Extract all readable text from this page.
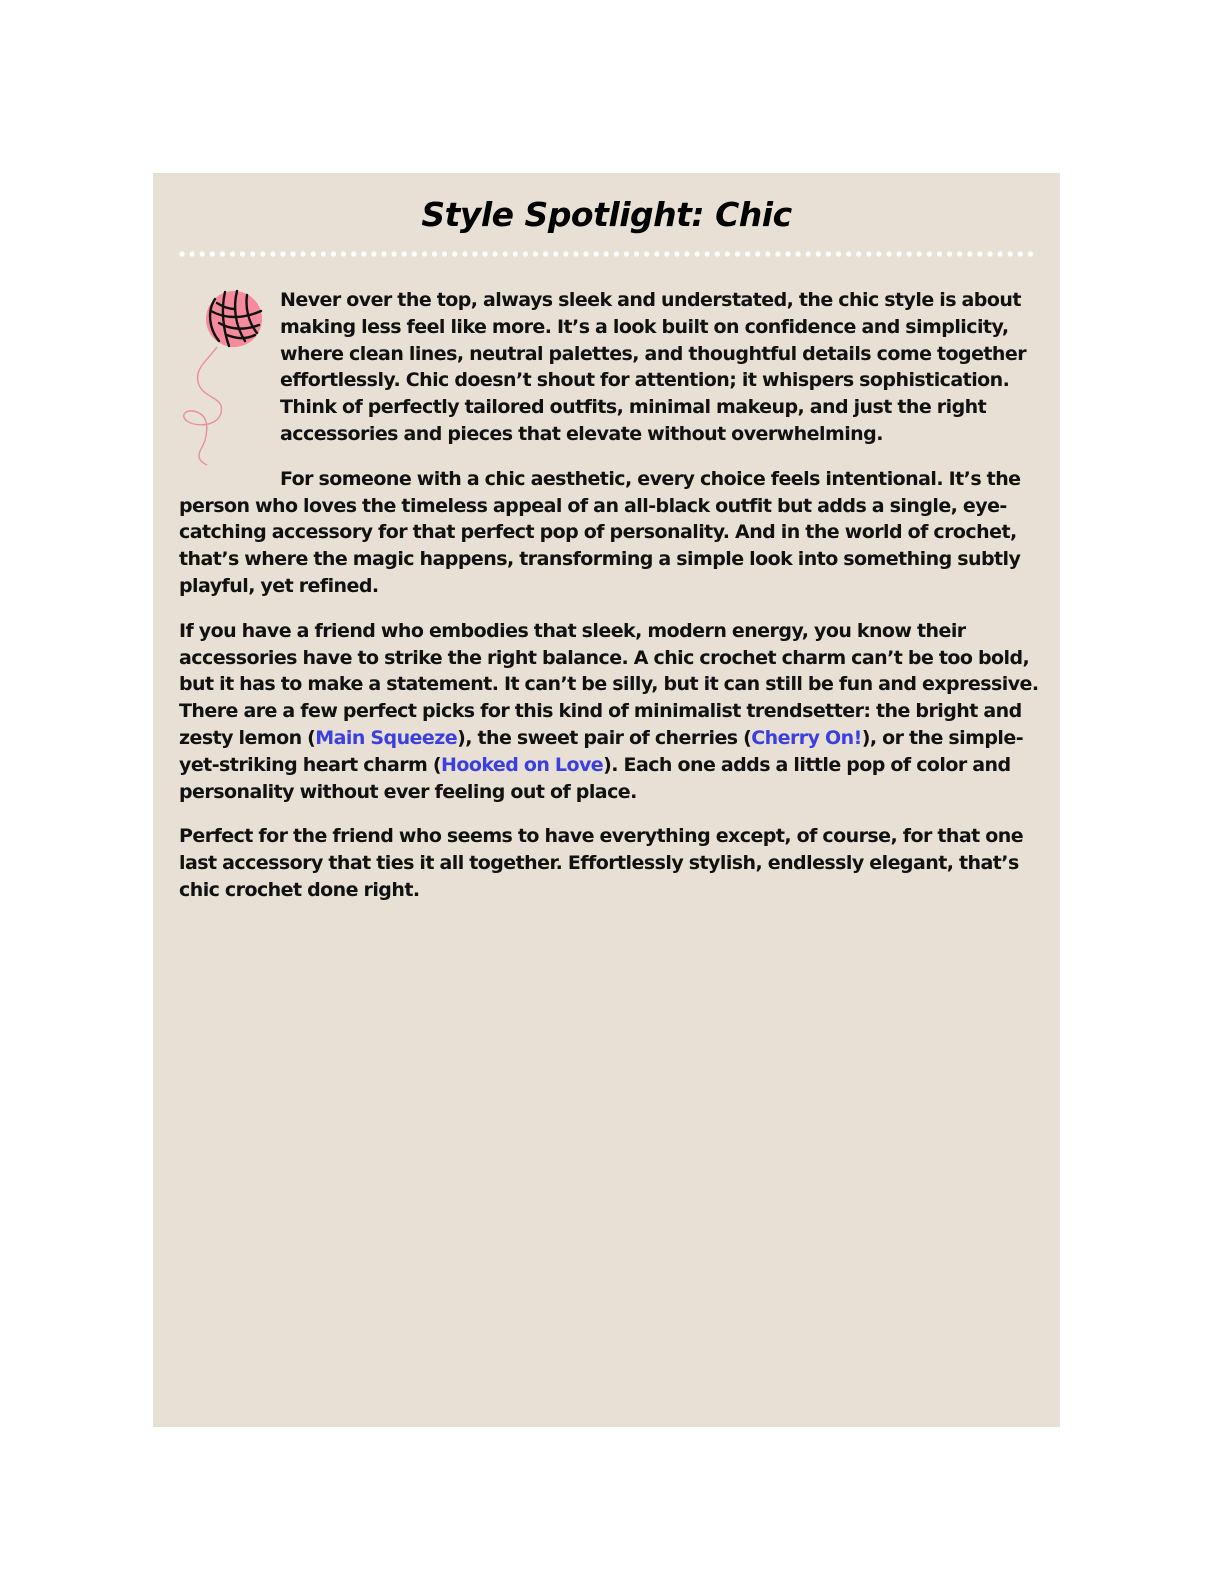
Style Spotlight: Chic

Never over the top, always sleek and understated, the chic style is about making less feel like more. It’s a look built on confidence and simplicity, where clean lines, neutral palettes, and thoughtful details come together effortlessly. Chic doesn’t shout for attention; it whispers sophistication. Think of perfectly tailored outfits, minimal makeup, and just the right accessories and pieces that elevate without overwhelming.

For someone with a chic aesthetic, every choice feels intentional. It’s the person who loves the timeless appeal of an all-black outfit but adds a single, eye-catching accessory for that perfect pop of personality. And in the world of crochet, that’s where the magic happens, transforming a simple look into something subtly playful, yet refined.

If you have a friend who embodies that sleek, modern energy, you know their accessories have to strike the right balance. A chic crochet charm can’t be too bold, but it has to make a statement. It can’t be silly, but it can still be fun and expressive. There are a few perfect picks for this kind of minimalist trendsetter: the bright and zesty lemon (Main Squeeze), the sweet pair of cherries (Cherry On!), or the simple-yet-striking heart charm (Hooked on Love). Each one adds a little pop of color and personality without ever feeling out of place.

Perfect for the friend who seems to have everything except, of course, for that one last accessory that ties it all together. Effortlessly stylish, endlessly elegant, that’s chic crochet done right.
